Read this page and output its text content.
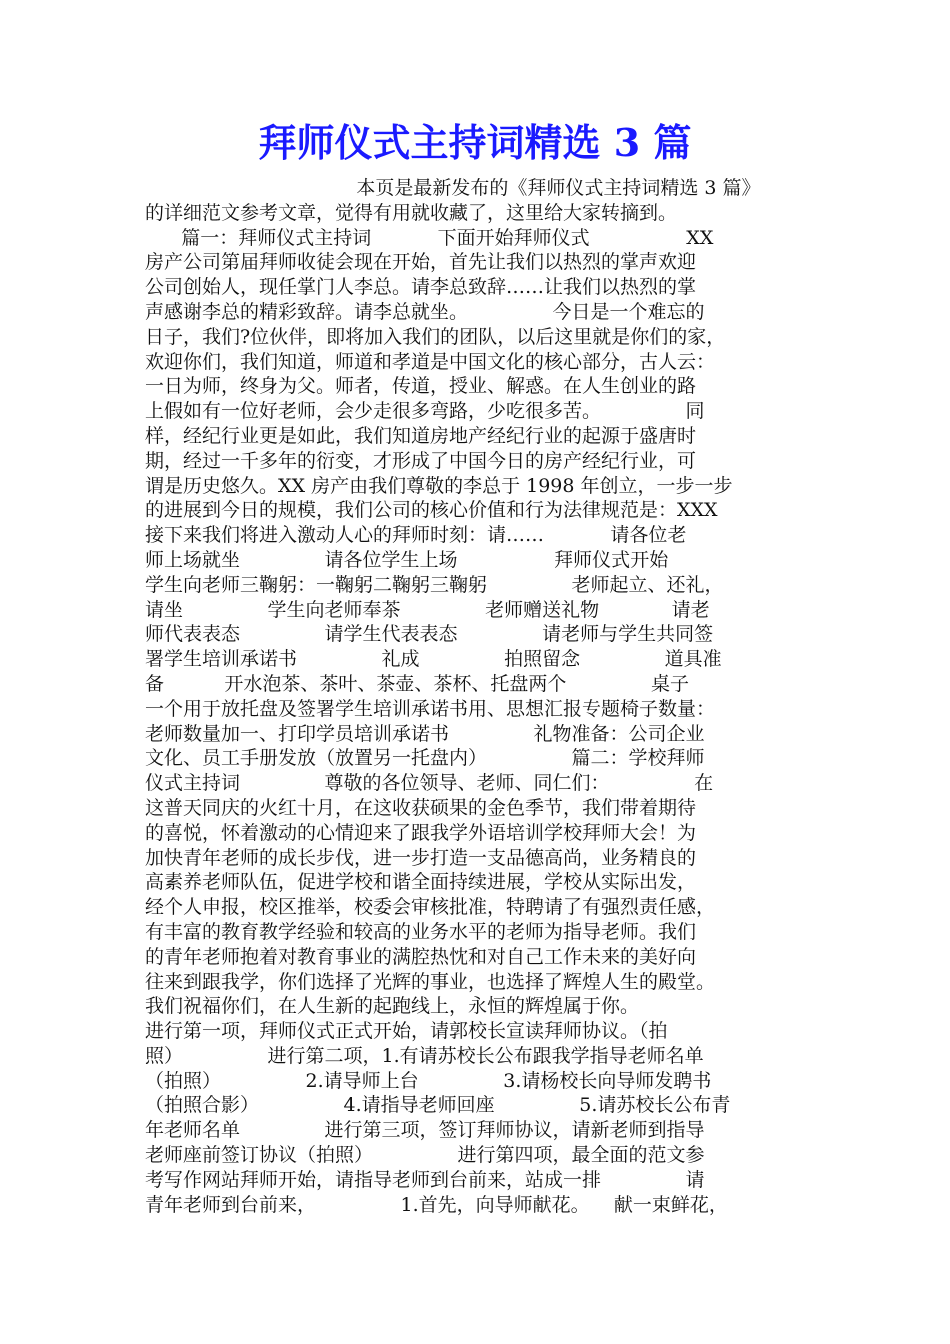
拜师仪式主持词精选 3 篇
本页是最新发布的《拜师仪式主持词精选 3 篇》
的详细范文参考文章，觉得有用就收藏了，这里给大家转摘到。
篇一：拜师仪式主持词           下面开始拜师仪式                XX
房产公司第届拜师收徒会现在开始，首先让我们以热烈的掌声欢迎
公司创始人，现任掌门人李总。请李总致辞……让我们以热烈的掌
声感谢李总的精彩致辞。请李总就坐。              今日是一个难忘的
日子，我们?位伙伴，即将加入我们的团队，以后这里就是你们的家，
欢迎你们，我们知道，师道和孝道是中国文化的核心部分，古人云：
一日为师，终身为父。师者，传道，授业、解惑。在人生创业的路
上假如有一位好老师，会少走很多弯路，少吃很多苦。              同
样，经纪行业更是如此，我们知道房地产经纪行业的起源于盛唐时
期，经过一千多年的衍变，才形成了中国今日的房产经纪行业，可
谓是历史悠久。XX 房产由我们尊敬的李总于 1998 年创立，一步一步
的进展到今日的规模，我们公司的核心价值和行为法律规范是：XXX
接下来我们将进入激动人心的拜师时刻：请……           请各位老
师上场就坐              请各位学生上场                拜师仪式开始
学生向老师三鞠躬：一鞠躬二鞠躬三鞠躬              老师起立、还礼，
请坐              学生向老师奉茶              老师赠送礼物            请老
师代表表态              请学生代表表态              请老师与学生共同签
署学生培训承诺书              礼成              拍照留念              道具准
备          开水泡茶、茶叶、茶壶、茶杯、托盘两个              桌子
一个用于放托盘及签署学生培训承诺书用、思想汇报专题椅子数量：
老师数量加一、打印学员培训承诺书              礼物准备：公司企业
文化、员工手册发放（放置另一托盘内）              篇二：学校拜师
仪式主持词              尊敬的各位领导、老师、同仁们：              在
这普天同庆的火红十月，在这收获硕果的金色季节，我们带着期待
的喜悦，怀着激动的心情迎来了跟我学外语培训学校拜师大会！为
加快青年老师的成长步伐，进一步打造一支品德高尚，业务精良的
高素养老师队伍，促进学校和谐全面持续进展，学校从实际出发，
经个人申报，校区推举，校委会审核批准，特聘请了有强烈责任感，
有丰富的教育教学经验和较高的业务水平的老师为指导老师。我们
的青年老师抱着对教育事业的满腔热忱和对自己工作未来的美好向
往来到跟我学，你们选择了光辉的事业，也选择了辉煌人生的殿堂。
我们祝福你们，在人生新的起跑线上，永恒的辉煌属于你。
进行第一项，拜师仪式正式开始，请郭校长宣读拜师协议。（拍
照）              进行第二项，1.有请苏校长公布跟我学指导老师名单
（拍照）              2.请导师上台              3.请杨校长向导师发聘书
（拍照合影）              4.请指导老师回座              5.请苏校长公布青
年老师名单              进行第三项，签订拜师协议，请新老师到指导
老师座前签订协议（拍照）              进行第四项，最全面的范文参
考写作网站拜师开始，请指导老师到台前来，站成一排              请
青年老师到台前来，              1.首先，向导师献花。    献一束鲜花，
